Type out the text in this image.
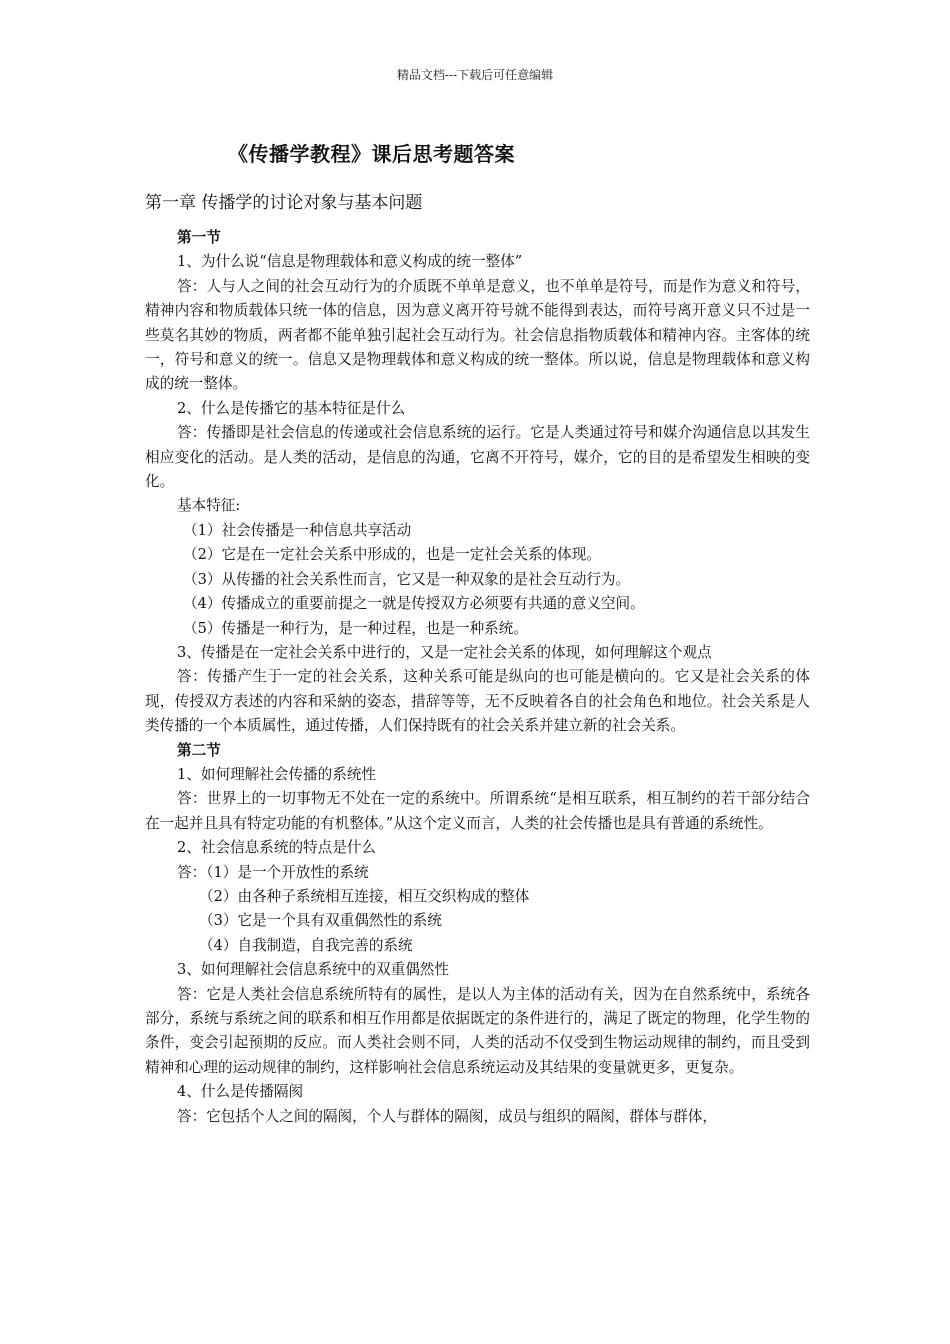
精品文档---下载后可任意编辑
《传播学教程》课后思考题答案
第一章 传播学的讨论对象与基本问题

第一节

1、为什么说“信息是物理载体和意义构成的统一整体”

答：人与人之间的社会互动行为的介质既不单单是意义，也不单单是符号，而是作为意义和符号，精神内容和物质载体只统一体的信息，因为意义离开符号就不能得到表达，而符号离开意义只不过是一些莫名其妙的物质，两者都不能单独引起社会互动行为。社会信息指物质载体和精神内容。主客体的统一，符号和意义的统一。信息又是物理载体和意义构成的统一整体。所以说，信息是物理载体和意义构成的统一整体。

2、什么是传播它的基本特征是什么

答：传播即是社会信息的传递或社会信息系统的运行。它是人类通过符号和媒介沟通信息以其发生相应变化的活动。是人类的活动，是信息的沟通，它离不开符号，媒介，它的目的是希望发生相映的变化。

基本特征:

（1）社会传播是一种信息共享活动

（2）它是在一定社会关系中形成的，也是一定社会关系的体现。

（3）从传播的社会关系性而言，它又是一种双象的是社会互动行为。

（4）传播成立的重要前提之一就是传授双方必须要有共通的意义空间。

（5）传播是一种行为，是一种过程，也是一种系统。

3、传播是在一定社会关系中进行的，又是一定社会关系的体现，如何理解这个观点

答：传播产生于一定的社会关系，这种关系可能是纵向的也可能是横向的。它又是社会关系的体现，传授双方表述的内容和采納的姿态，措辞等等，无不反映着各自的社会角色和地位。社会关系是人类传播的一个本质属性，通过传播，人们保持既有的社会关系并建立新的社会关系。

第二节

1、如何理解社会传播的系统性

答：世界上的一切事物无不处在一定的系统中。所谓系统“是相互联系，相互制约的若干部分结合在一起并且具有特定功能的有机整体。”从这个定义而言，人类的社会传播也是具有普通的系统性。

2、社会信息系统的特点是什么

答：（1）是一个开放性的系统

（2）由各种子系统相互连接，相互交织构成的整体

（3）它是一个具有双重偶然性的系统

（4）自我制造，自我完善的系统

3、如何理解社会信息系统中的双重偶然性

答：它是人类社会信息系统所特有的属性，是以人为主体的活动有关，因为在自然系统中，系统各部分，系统与系统之间的联系和相互作用都是依据既定的条件进行的，满足了既定的物理，化学生物的条件，变会引起预期的反应。而人类社会则不同，人类的活动不仅受到生物运动规律的制约，而且受到精神和心理的运动规律的制约，这样影响社会信息系统运动及其结果的变量就更多，更复杂。

4、什么是传播隔阂

答：它包括个人之间的隔阂，个人与群体的隔阂，成员与组织的隔阂，群体与群体，
